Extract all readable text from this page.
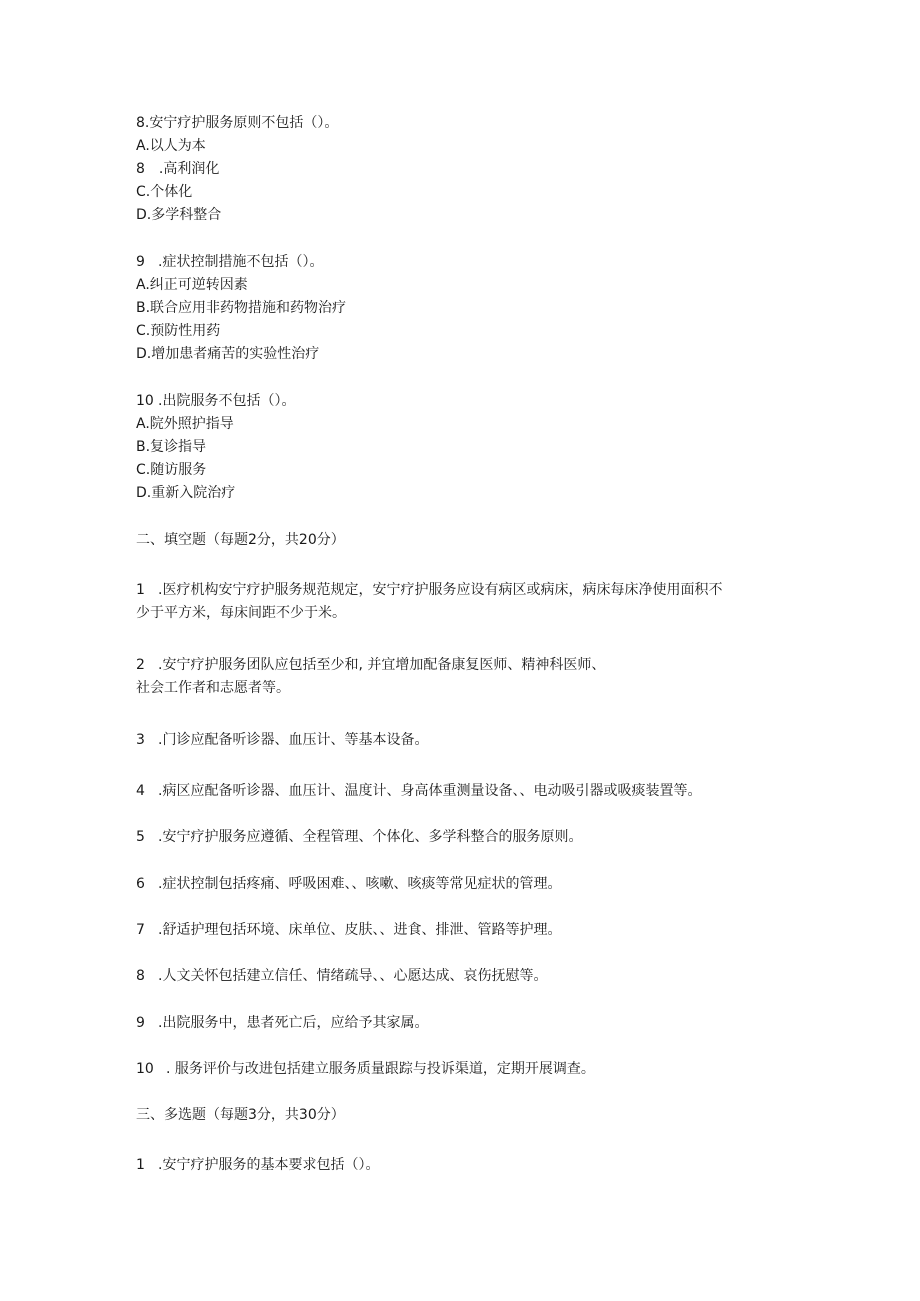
8.安宁疗护服务原则不包括（）。
A.以人为本
8　.高利润化
C.个体化
D.多学科整合
9 .症状控制措施不包括（）。
A.纠正可逆转因素
B.联合应用非药物措施和药物治疗
C.预防性用药
D.增加患者痛苦的实验性治疗
10 .出院服务不包括（）。
A.院外照护指导
B.复诊指导
C.随访服务
D.重新入院治疗
二、填空题（每题2分，共20分）
1 .医疗机构安宁疗护服务规范规定，安宁疗护服务应设有病区或病床，病床每床净使用面积不
少于平方米，每床间距不少于米。
2 .安宁疗护服务团队应包括至少和, 并宜增加配备康复医师、精神科医师、
社会工作者和志愿者等。
3 .门诊应配备听诊器、血压计、等基本设备。
4 .病区应配备听诊器、血压计、温度计、身高体重测量设备、、电动吸引器或吸痰装置等。
5 .安宁疗护服务应遵循、全程管理、个体化、多学科整合的服务原则。
6 .症状控制包括疼痛、呼吸困难、、咳嗽、咳痰等常见症状的管理。
7 .舒适护理包括环境、床单位、皮肤、、进食、排泄、管路等护理。
8 .人文关怀包括建立信任、情绪疏导、、心愿达成、哀伤抚慰等。
9 .出院服务中，患者死亡后，应给予其家属。
10 . 服务评价与改进包括建立服务质量跟踪与投诉渠道，定期开展调查。
三、多选题（每题3分，共30分）
1 .安宁疗护服务的基本要求包括（）。
